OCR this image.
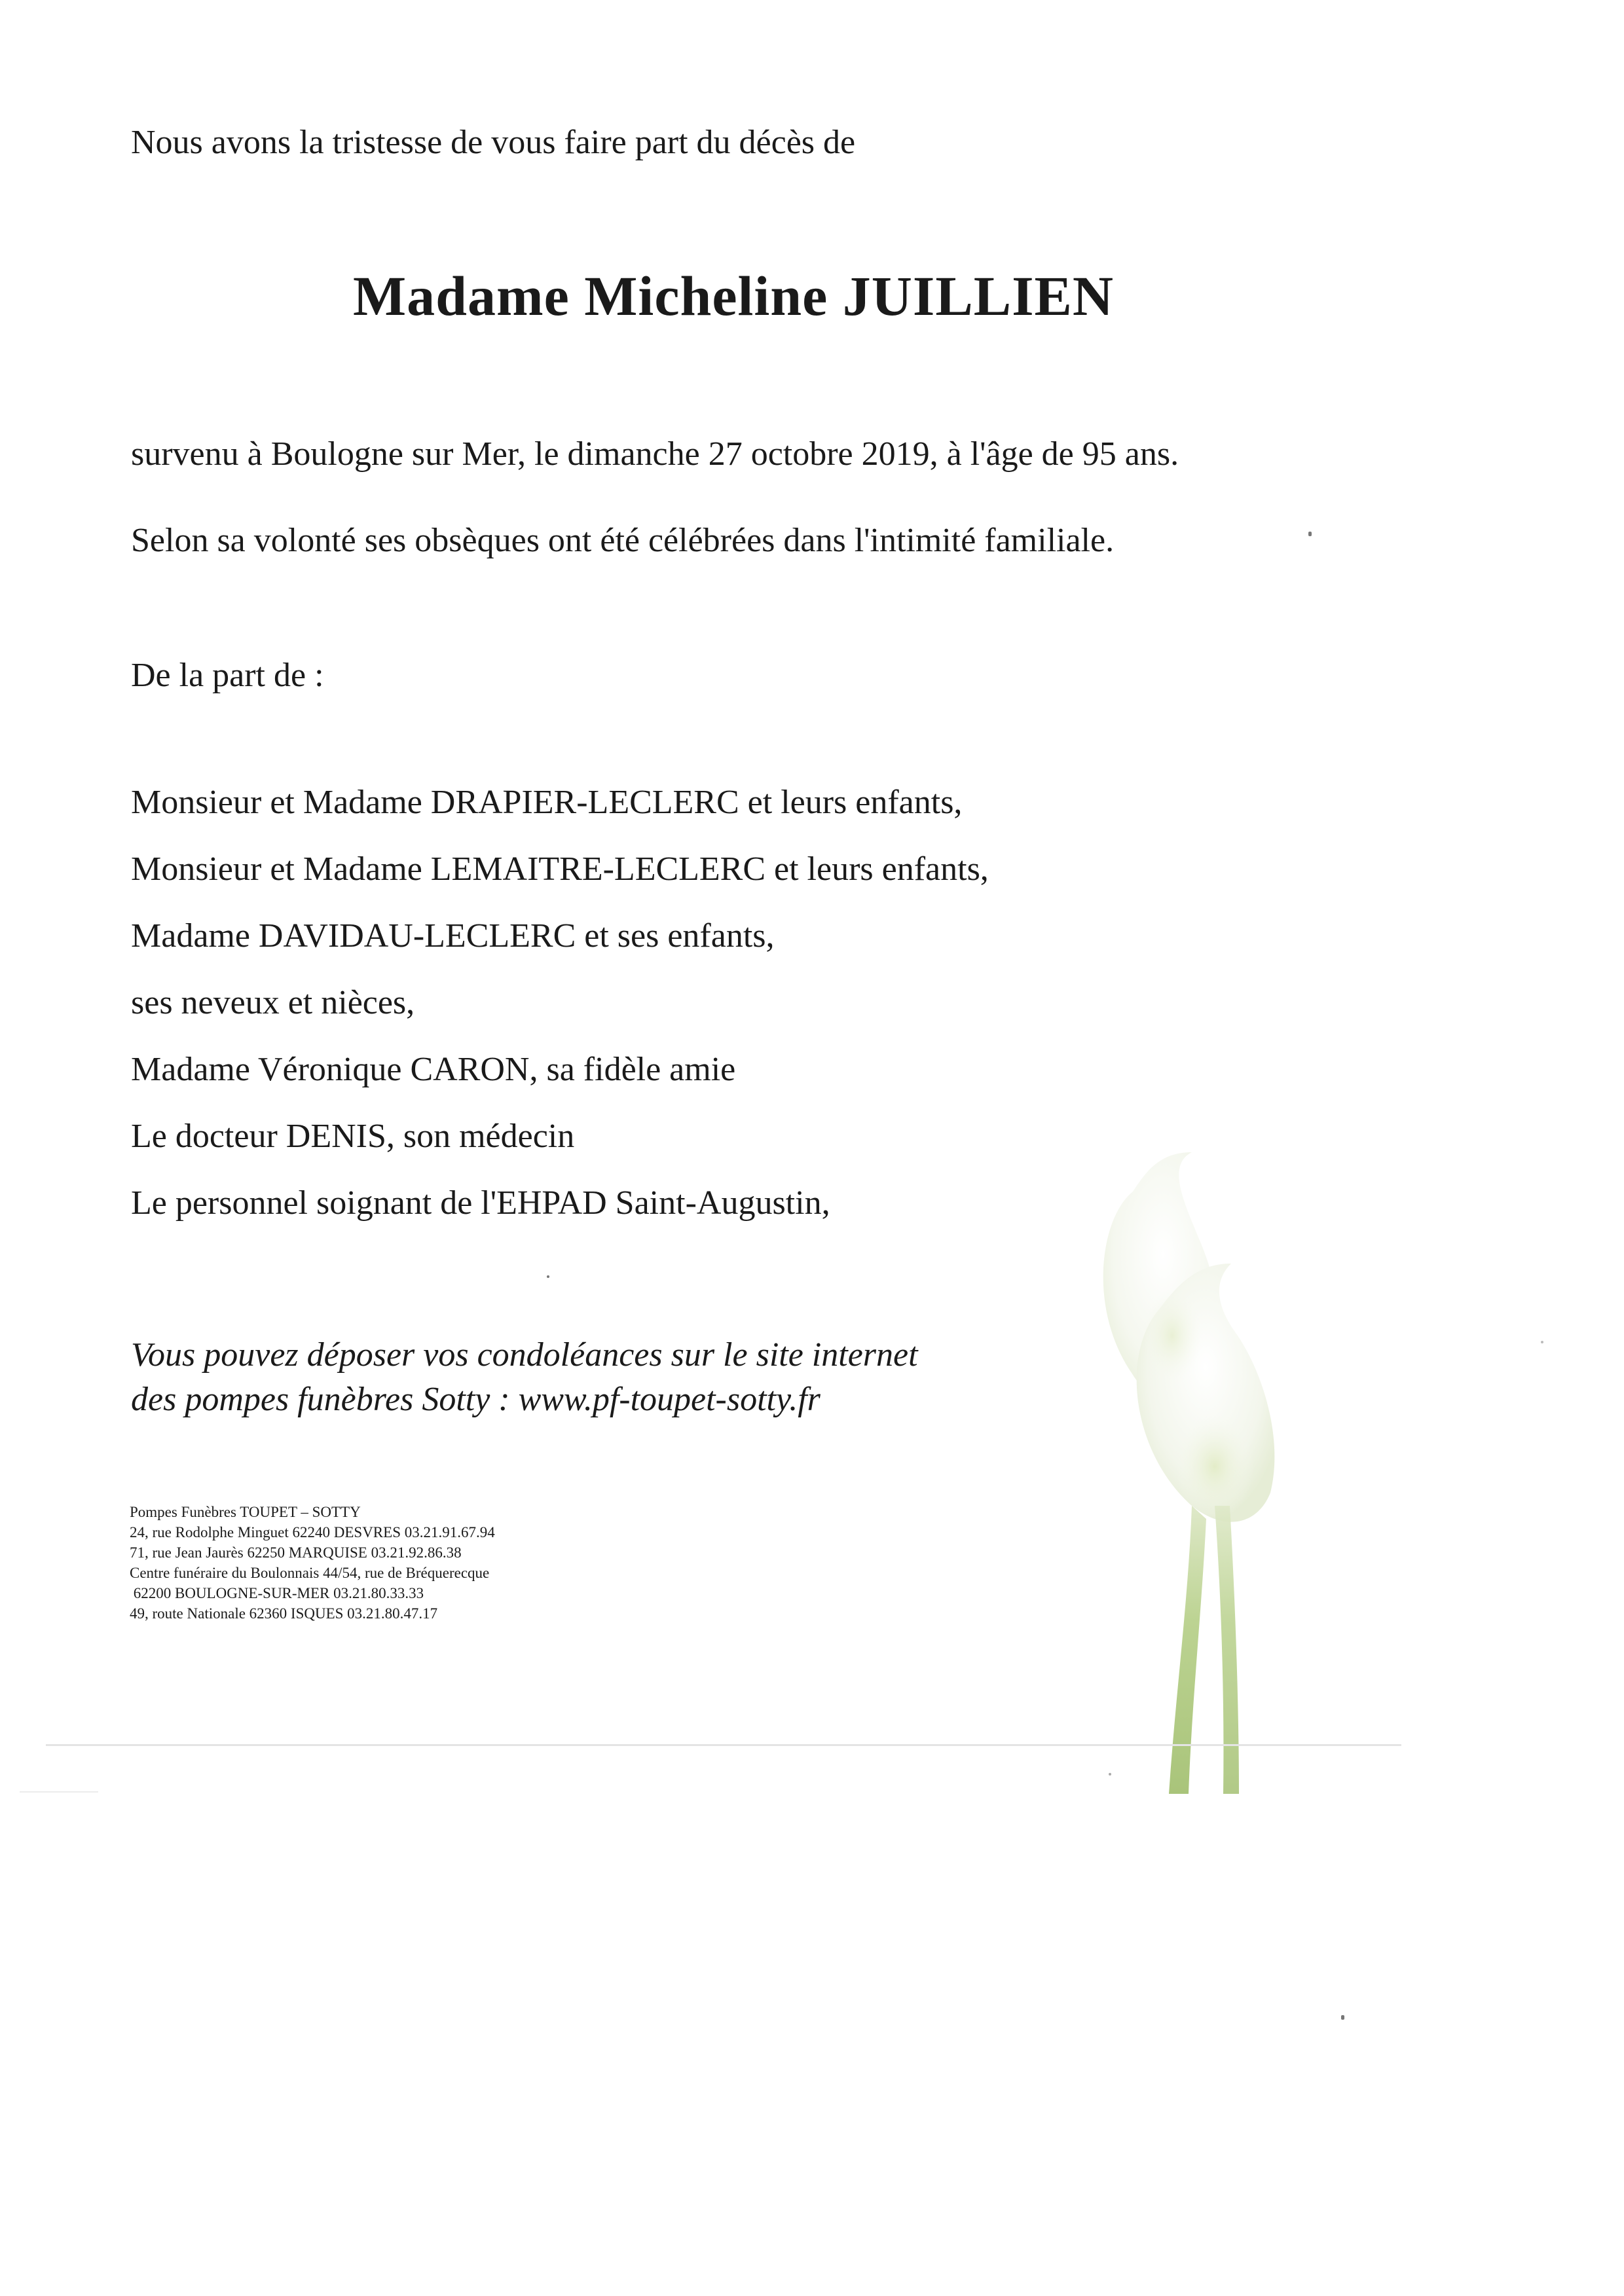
Nous avons la tristesse de vous faire part du décès de

Madame Micheline JUILLIEN

survenu à Boulogne sur Mer, le dimanche 27 octobre 2019, à l'âge de 95 ans.

Selon sa volonté ses obsèques ont été célébrées dans l'intimité familiale.

De la part de :

Monsieur et Madame DRAPIER-LECLERC et leurs enfants,

Monsieur et Madame LEMAITRE-LECLERC et leurs enfants,

Madame DAVIDAU-LECLERC et ses enfants,

ses neveux et nièces,

Madame Véronique CARON, sa fidèle amie

Le docteur DENIS, son médecin

Le personnel soignant de l'EHPAD Saint-Augustin,

Vous pouvez déposer vos condoléances sur le site internet

des pompes funèbres Sotty : www.pf-toupet-sotty.fr

Pompes Funèbres TOUPET – SOTTY
24, rue Rodolphe Minguet 62240 DESVRES 03.21.91.67.94
71, rue Jean Jaurès 62250 MARQUISE 03.21.92.86.38
Centre funéraire du Boulonnais 44/54, rue de Bréquerecque
62200 BOULOGNE-SUR-MER 03.21.80.33.33
49, route Nationale 62360 ISQUES 03.21.80.47.17
